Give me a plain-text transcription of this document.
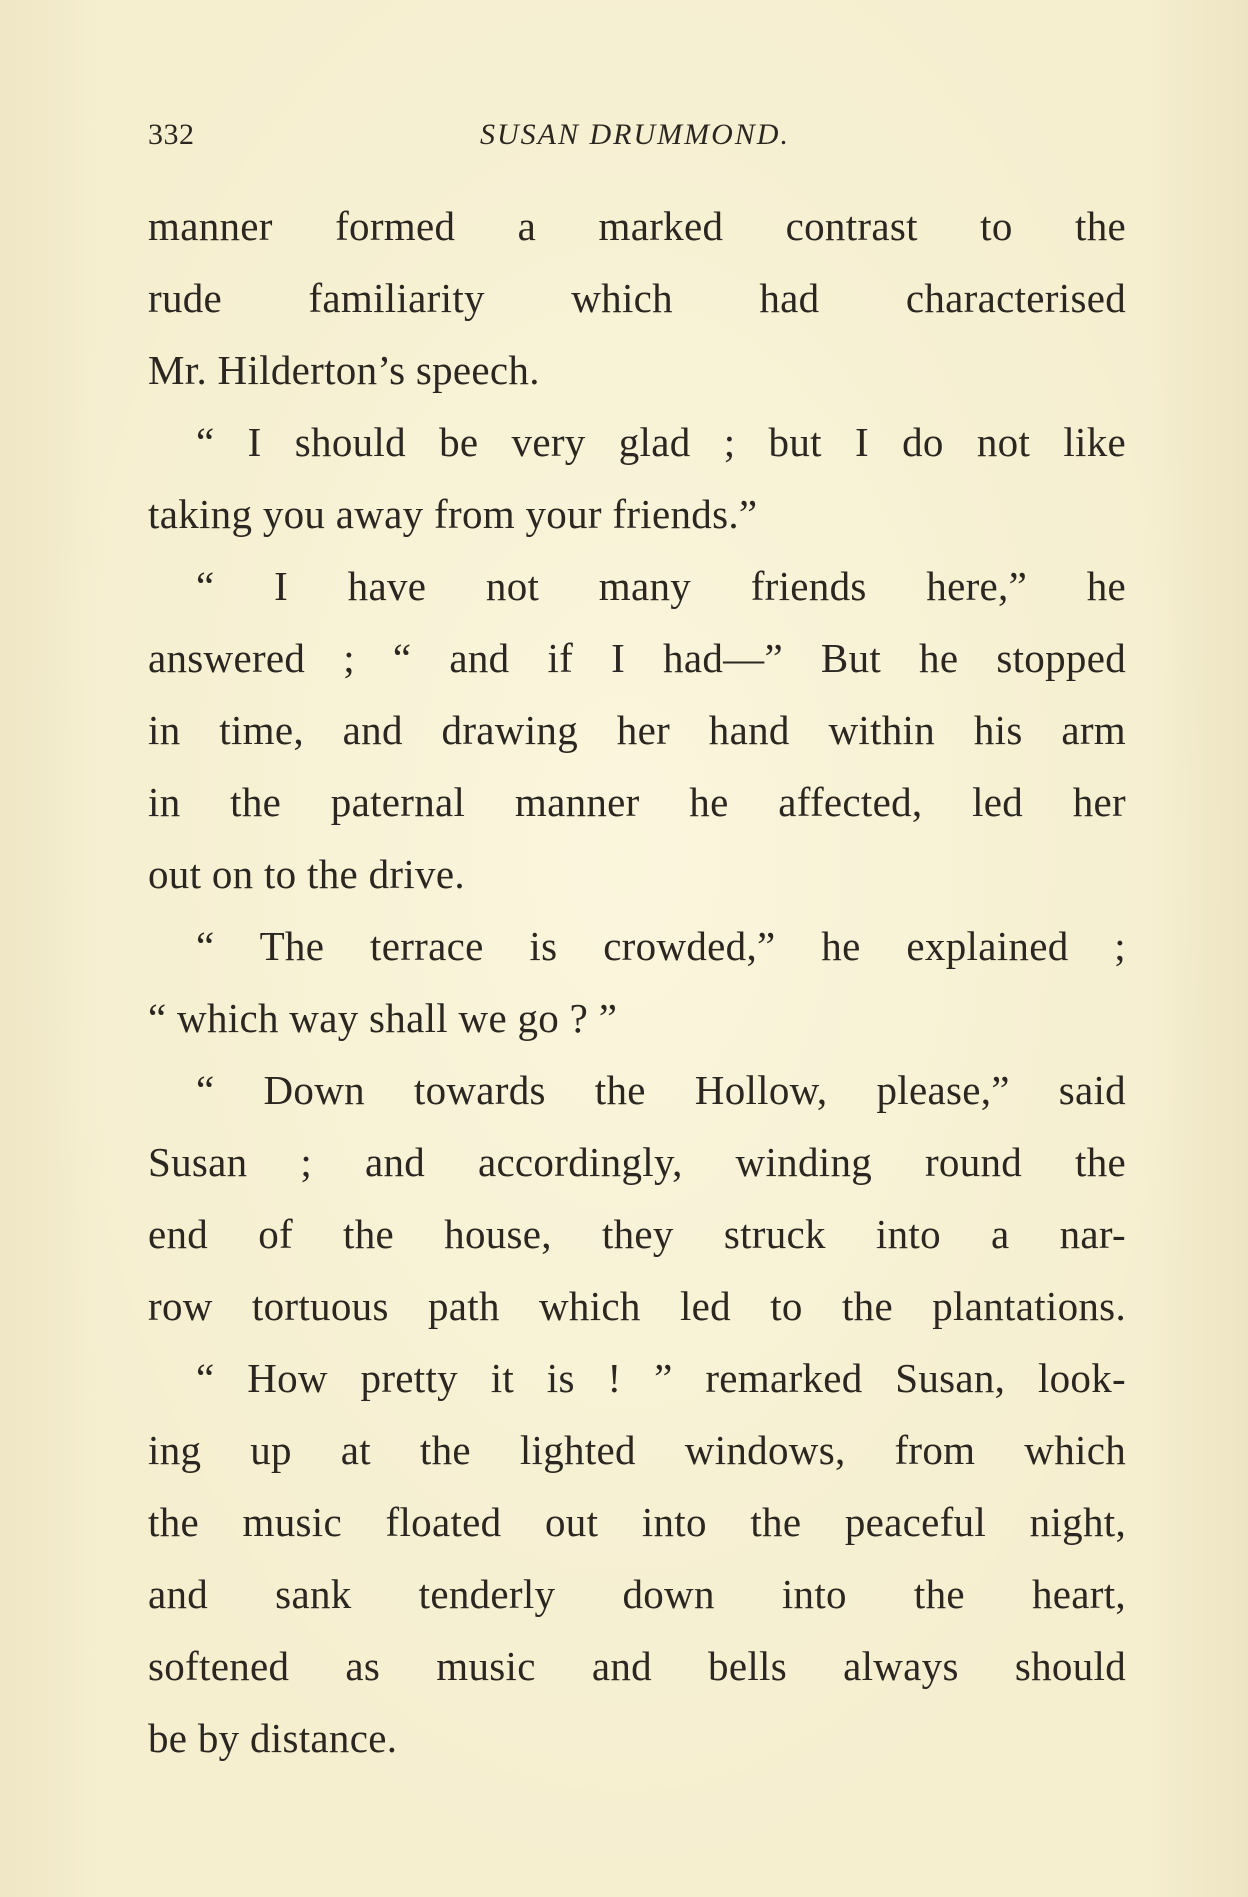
332	SUSAN DRUMMOND.
manner formed a marked contrast to the
rude familiarity which had characterised
Mr. Hilderton’s speech.
“ I should be very glad ; but I do not like
taking you away from your friends.”
“ I have not many friends here,” he
answered ; “ and if I had—” But he stopped
in time, and drawing her hand within his arm
in the paternal manner he affected, led her
out on to the drive.
“ The terrace is crowded,” he explained ;
“ which way shall we go ? ”
“ Down towards the Hollow, please,” said
Susan ; and accordingly, winding round the
end of the house, they struck into a nar-
row tortuous path which led to the plantations.
“ How pretty it is ! ” remarked Susan, look-
ing up at the lighted windows, from which
the music floated out into the peaceful night,
and sank tenderly down into the heart,
softened as music and bells always should
be by distance.
